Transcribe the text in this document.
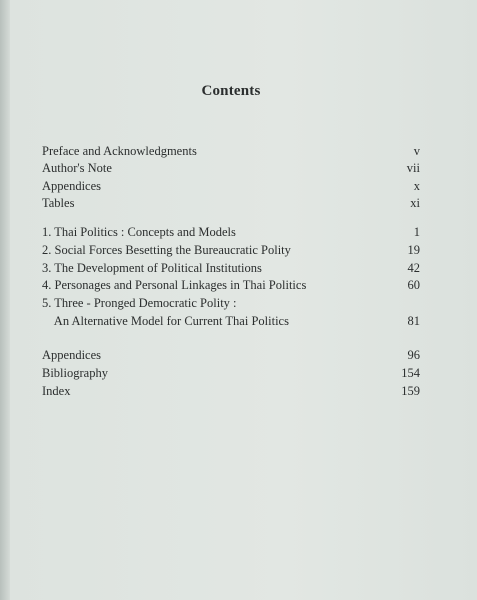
Contents
Preface and Acknowledgments	v
Author's Note	vii
Appendices	x
Tables	xi
1. Thai Politics : Concepts and Models	1
2. Social Forces Besetting the Bureaucratic Polity	19
3. The Development of Political Institutions	42
4. Personages and Personal Linkages in Thai Politics	60
5. Three - Pronged Democratic Polity :
An Alternative Model for Current Thai Politics	81
Appendices	96
Bibliography	154
Index	159
